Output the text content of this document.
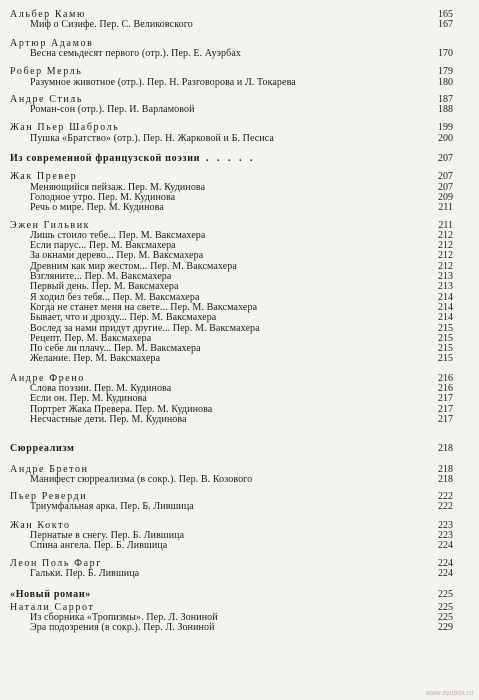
Альбер Камю	165
Миф о Сизифе. Пер. С. Великовского	167
Артюр Адамов
Весна семьдесят первого (отр.). Пер. Е. Ауэрбах	170
Робер Мерль	179
Разумное животное (отр.). Пер. Н. Разговорова и Л. Токарева	180
Андре Стиль	187
Роман-сон (отр.). Пер. И. Варламовой	188
Жан Пьер Шаброль	199
Пушка «Братство» (отр.). Пер. Н. Жарковой и Б. Песиса	200
Из современной французской поэзии . . . . .	207
Жак Превер	207
Меняющийся пейзаж. Пер. М. Кудинова	207
Голодное утро. Пер. М. Кудинова	209
Речь о мире. Пер. М. Кудинова	211
Эжен Гильвик	211
Лишь стоило тебе... Пер. М. Ваксмахера	212
Если парус... Пер. М. Ваксмахера	212
За окнами дерево... Пер. М. Ваксмахера	212
Древним как мир жестом... Пер. М. Ваксмахера	212
Взгляните... Пер. М. Ваксмахера	213
Первый день. Пер. М. Ваксмахера	213
Я ходил без тебя... Пер. М. Ваксмахера	214
Когда не станет меня на свете... Пер. М. Ваксмахера	214
Бывает, что и дрозду... Пер. М. Ваксмахера	214
Вослед за нами придут другие... Пер. М. Ваксмахера	215
Рецепт. Пер. М. Ваксмахера	215
По себе ли плачу... Пер. М. Ваксмахера	215
Желание. Пер. М. Ваксмахера	215
Андре Френо	216
Слова поэзии. Пер. М. Кудинова	216
Если он. Пер. М. Кудинова	217
Портрет Жака Превера. Пер. М. Кудинова	217
Несчастные дети. Пер. М. Кудинова	217
Сюрреализм	218
Андре Бретон	218
Манифест сюрреализма (в сокр.). Пер. В. Козового	218
Пьер Реверди	222
Триумфальная арка. Пер. Б. Лившица	222
Жан Кокто	223
Пернатые в снегу. Пер. Б. Лившица	223
Спина ангела. Пер. Б. Лившица	224
Леон Поль Фарг	224
Гальки. Пер. Б. Лившица	224
«Новый роман»	225
Натали Саррот	225
Из сборника «Тропизмы». Пер. Л. Зониной	225
Эра подозрения (в сокр.). Пер. Л. Зониной	229
www.ayubox.ru
